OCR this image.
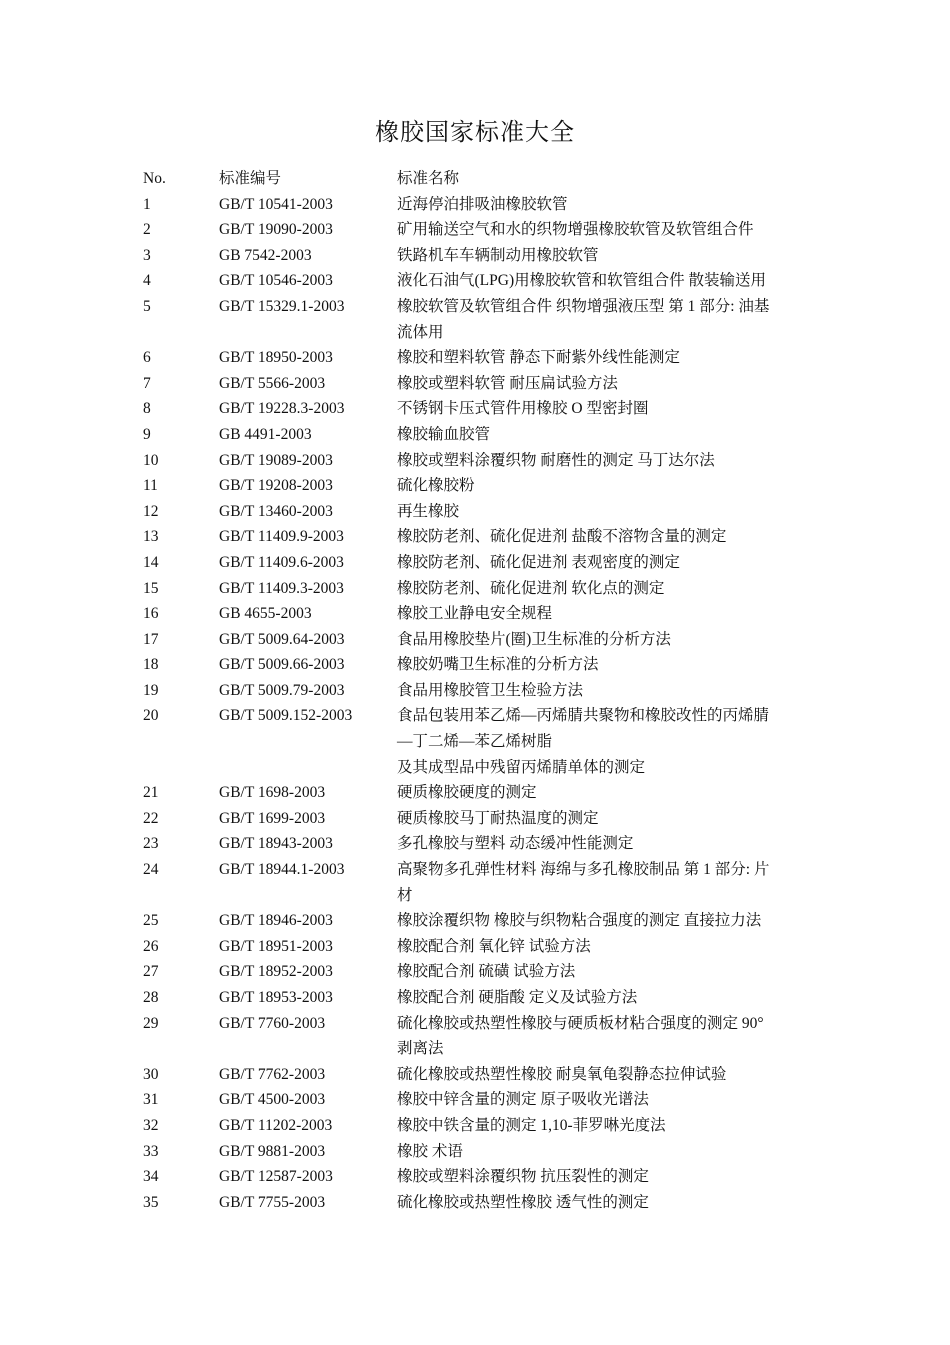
橡胶国家标准大全
No.	标准编号	标准名称
1	GB/T 10541-2003	近海停泊排吸油橡胶软管
2	GB/T 19090-2003	矿用输送空气和水的织物增强橡胶软管及软管组合件
3	GB 7542-2003	铁路机车车辆制动用橡胶软管
4	GB/T 10546-2003	液化石油气(LPG)用橡胶软管和软管组合件 散装输送用
5	GB/T 15329.1-2003	橡胶软管及软管组合件 织物增强液压型 第 1 部分: 油基
流体用
6	GB/T 18950-2003	橡胶和塑料软管 静态下耐紫外线性能测定
7	GB/T 5566-2003	橡胶或塑料软管 耐压扁试验方法
8	GB/T 19228.3-2003	不锈钢卡压式管件用橡胶 O 型密封圈
9	GB 4491-2003	橡胶输血胶管
10	GB/T 19089-2003	橡胶或塑料涂覆织物 耐磨性的测定 马丁达尔法
11	GB/T 19208-2003	硫化橡胶粉
12	GB/T 13460-2003	再生橡胶
13	GB/T 11409.9-2003	橡胶防老剂、硫化促进剂 盐酸不溶物含量的测定
14	GB/T 11409.6-2003	橡胶防老剂、硫化促进剂 表观密度的测定
15	GB/T 11409.3-2003	橡胶防老剂、硫化促进剂 软化点的测定
16	GB 4655-2003	橡胶工业静电安全规程
17	GB/T 5009.64-2003	食品用橡胶垫片(圈)卫生标准的分析方法
18	GB/T 5009.66-2003	橡胶奶嘴卫生标准的分析方法
19	GB/T 5009.79-2003	食品用橡胶管卫生检验方法
20	GB/T 5009.152-2003	食品包装用苯乙烯—丙烯腈共聚物和橡胶改性的丙烯腈
—丁二烯—苯乙烯树脂
及其成型品中残留丙烯腈单体的测定
21	GB/T 1698-2003	硬质橡胶硬度的测定
22	GB/T 1699-2003	硬质橡胶马丁耐热温度的测定
23	GB/T 18943-2003	多孔橡胶与塑料 动态缓冲性能测定
24	GB/T 18944.1-2003	高聚物多孔弹性材料 海绵与多孔橡胶制品 第 1 部分: 片
材
25	GB/T 18946-2003	橡胶涂覆织物 橡胶与织物粘合强度的测定 直接拉力法
26	GB/T 18951-2003	橡胶配合剂 氧化锌 试验方法
27	GB/T 18952-2003	橡胶配合剂 硫磺 试验方法
28	GB/T 18953-2003	橡胶配合剂 硬脂酸 定义及试验方法
29	GB/T 7760-2003	硫化橡胶或热塑性橡胶与硬质板材粘合强度的测定 90°
剥离法
30	GB/T 7762-2003	硫化橡胶或热塑性橡胶 耐臭氧龟裂静态拉伸试验
31	GB/T 4500-2003	橡胶中锌含量的测定 原子吸收光谱法
32	GB/T 11202-2003	橡胶中铁含量的测定 1,10-菲罗啉光度法
33	GB/T 9881-2003	橡胶 术语
34	GB/T 12587-2003	橡胶或塑料涂覆织物 抗压裂性的测定
35	GB/T 7755-2003	硫化橡胶或热塑性橡胶 透气性的测定
